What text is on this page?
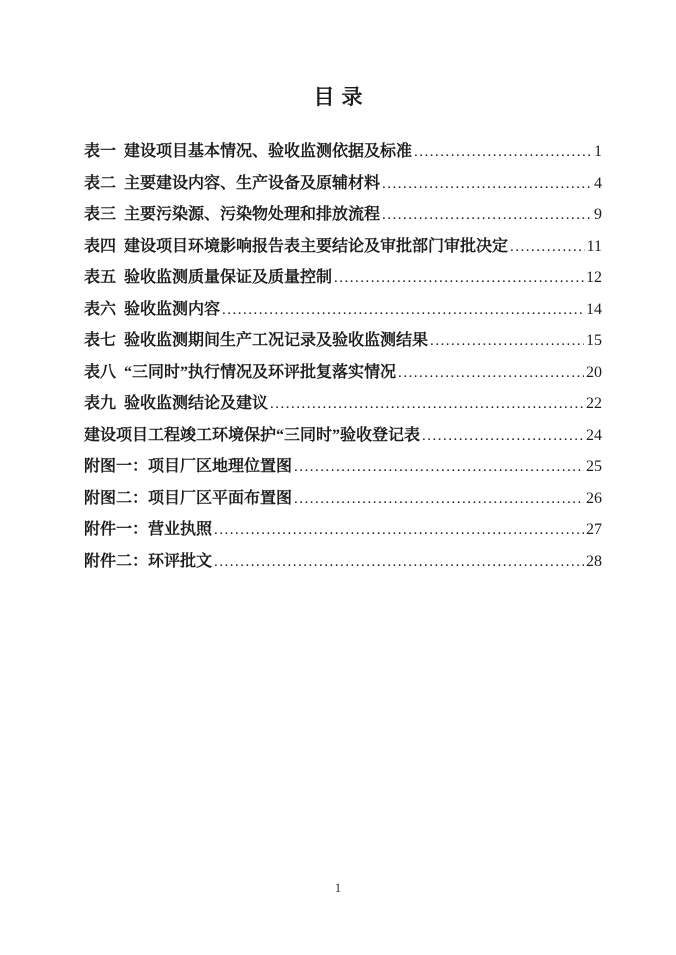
目录
表一  建设项目基本情况、验收监测依据及标准 .....	1
表二  主要建设内容、生产设备及原辅材料 .....	4
表三  主要污染源、污染物处理和排放流程 .....	9
表四  建设项目环境影响报告表主要结论及审批部门审批决定 .....	11
表五  验收监测质量保证及质量控制 .....	12
表六  验收监测内容 .....	14
表七  验收监测期间生产工况记录及验收监测结果 .....	15
表八  “三同时”执行情况及环评批复落实情况 .....	20
表九  验收监测结论及建议 .....	22
建设项目工程竣工环境保护“三同时”验收登记表 .....	24
附图一：项目厂区地理位置图 .....	25
附图二：项目厂区平面布置图 .....	26
附件一：营业执照 .....	27
附件二：环评批文 .....	28
1
